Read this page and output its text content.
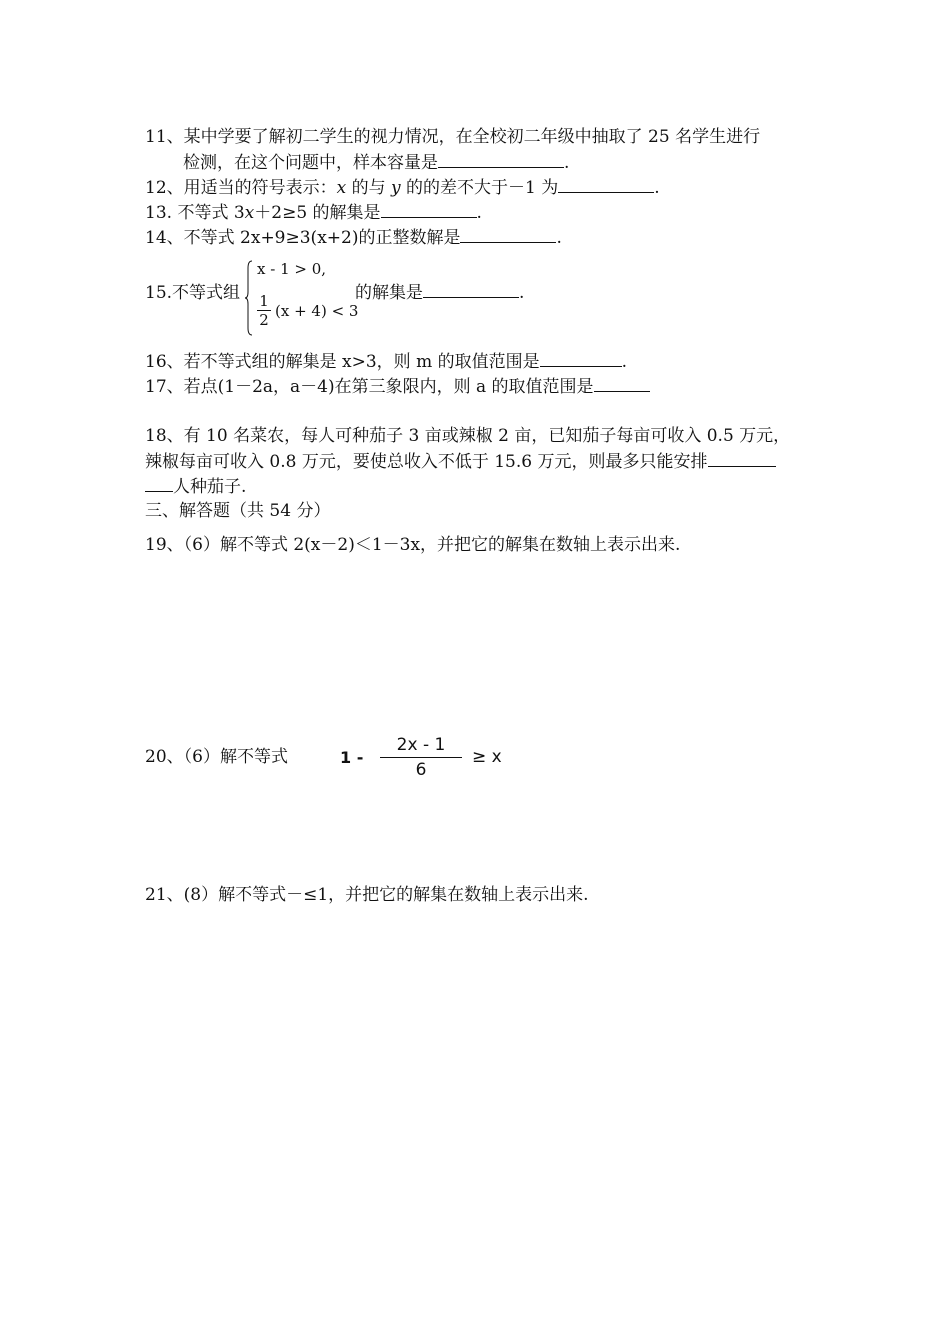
11、某中学要了解初二学生的视力情况，在全校初二年级中抽取了 25 名学生进行
检测，在这个问题中，样本容量是	.
12、用适当的符号表示：x 的与 y 的的差不大于－1 为	.
13. 不等式 3x＋2≥5 的解集是	.
14、不等式 2x+9≥3(x+2)的正整数解是	.
15.不等式组
x - 1 > 0,
$\frac{1}{2} (x + 4) < 3$
的解集是	.
16、若不等式组的解集是 x>3，则 m 的取值范围是	.
17、若点(1－2a，a－4)在第三象限内，则 a 的取值范围是
18、有 10 名菜农，每人可种茄子 3 亩或辣椒 2 亩，已知茄子每亩可收入 0.5 万元，
辣椒每亩可收入 0.8 万元，要使总收入不低于 15.6 万元，则最多只能安排
人种茄子.
三、解答题（共 54 分）
19、（6）解不等式 2(x－2)＜1－3x，并把它的解集在数轴上表示出来.
20、（6）解不等式	$1 - \frac{2x - 1}{6} \ge x$
21、(8）解不等式－≤1，并把它的解集在数轴上表示出来.
